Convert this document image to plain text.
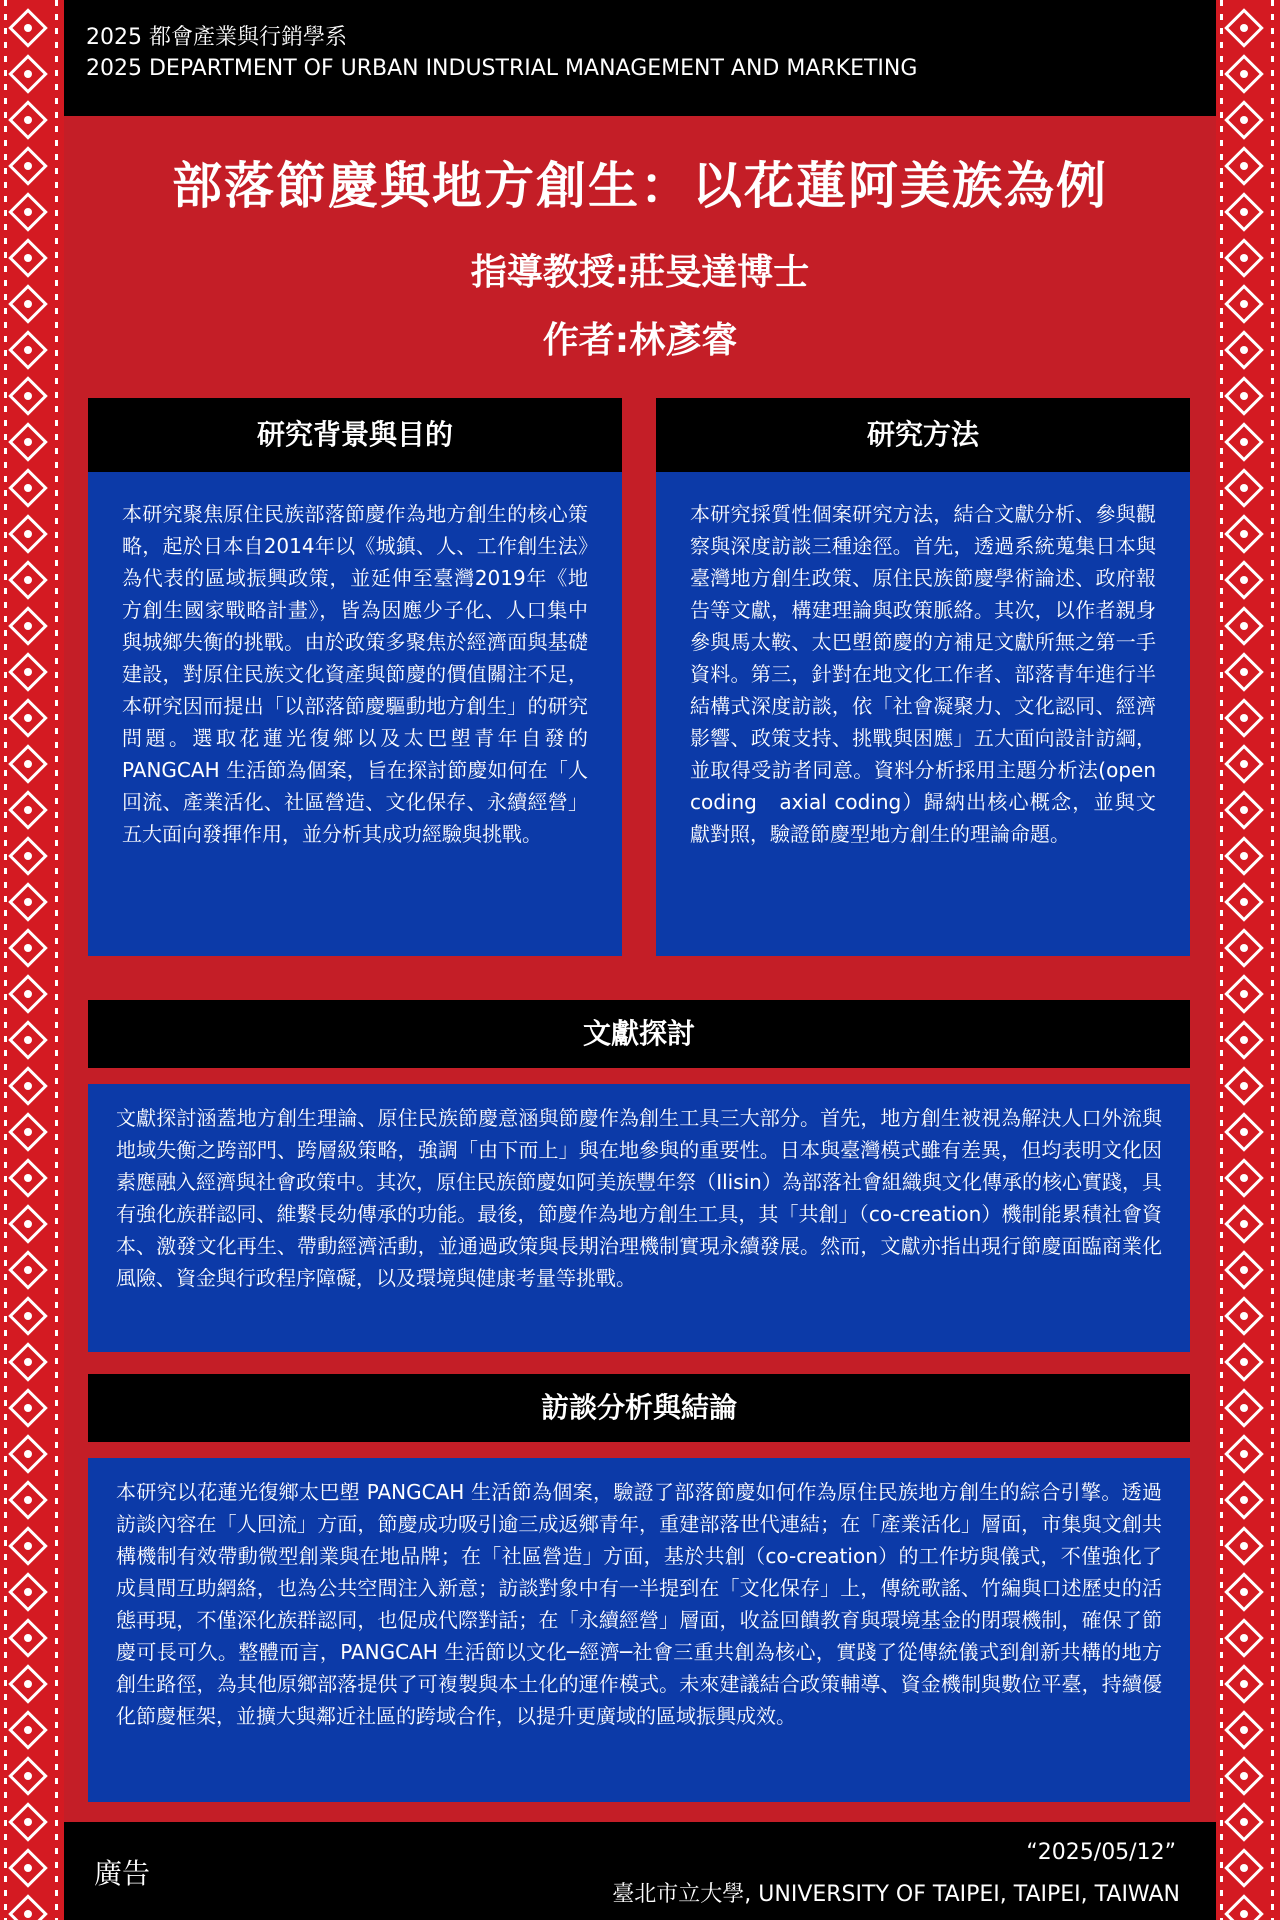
2025 都會產業與行銷學系
2025 DEPARTMENT OF URBAN INDUSTRIAL MANAGEMENT AND MARKETING
部落節慶與地方創生：以花蓮阿美族為例
指導教授:莊旻達博士
作者:林彥睿
研究背景與目的
本研究聚焦原住民族部落節慶作為地方創生的核心策略，起於日本自2014年以《城鎮、人、工作創生法》為代表的區域振興政策，並延伸至臺灣2019年《地方創生國家戰略計畫》，皆為因應少子化、人口集中與城鄉失衡的挑戰。由於政策多聚焦於經濟面與基礎建設，對原住民族文化資產與節慶的價值關注不足，本研究因而提出「以部落節慶驅動地方創生」的研究問題。選取花蓮光復鄉以及太巴塱青年自發的 PANGCAH 生活節為個案，旨在探討節慶如何在「人回流、產業活化、社區營造、文化保存、永續經營」五大面向發揮作用，並分析其成功經驗與挑戰。
研究方法
本研究採質性個案研究方法，結合文獻分析、參與觀察與深度訪談三種途徑。首先，透過系統蒐集日本與臺灣地方創生政策、原住民族節慶學術論述、政府報告等文獻，構建理論與政策脈絡。其次，以作者親身參與馬太鞍、太巴塱節慶的方補足文獻所無之第一手資料。第三，針對在地文化工作者、部落青年進行半結構式深度訪談，依「社會凝聚力、文化認同、經濟影響、政策支持、挑戰與困應」五大面向設計訪綱，並取得受訪者同意。資料分析採用主題分析法(open coding　axial coding）歸納出核心概念，並與文獻對照，驗證節慶型地方創生的理論命題。
文獻探討
文獻探討涵蓋地方創生理論、原住民族節慶意涵與節慶作為創生工具三大部分。首先，地方創生被視為解決人口外流與地域失衡之跨部門、跨層級策略，強調「由下而上」與在地參與的重要性。日本與臺灣模式雖有差異，但均表明文化因素應融入經濟與社會政策中。其次，原住民族節慶如阿美族豐年祭（Ilisin）為部落社會組織與文化傳承的核心實踐，具有強化族群認同、維繫長幼傳承的功能。最後，節慶作為地方創生工具，其「共創」（co-creation）機制能累積社會資本、激發文化再生、帶動經濟活動，並通過政策與長期治理機制實現永續發展。然而，文獻亦指出現行節慶面臨商業化風險、資金與行政程序障礙，以及環境與健康考量等挑戰。
訪談分析與結論
本研究以花蓮光復鄉太巴塱 PANGCAH 生活節為個案，驗證了部落節慶如何作為原住民族地方創生的綜合引擎。透過訪談內容在「人回流」方面，節慶成功吸引逾三成返鄉青年，重建部落世代連結；在「產業活化」層面，市集與文創共構機制有效帶動微型創業與在地品牌；在「社區營造」方面，基於共創（co-creation）的工作坊與儀式，不僅強化了成員間互助網絡，也為公共空間注入新意；訪談對象中有一半提到在「文化保存」上，傳統歌謠、竹編與口述歷史的活態再現，不僅深化族群認同，也促成代際對話；在「永續經營」層面，收益回饋教育與環境基金的閉環機制，確保了節慶可長可久。整體而言，PANGCAH 生活節以文化─經濟─社會三重共創為核心，實踐了從傳統儀式到創新共構的地方創生路徑，為其他原鄉部落提供了可複製與本土化的運作模式。未來建議結合政策輔導、資金機制與數位平臺，持續優化節慶框架，並擴大與鄰近社區的跨域合作，以提升更廣域的區域振興成效。
廣告
“2025/05/12”
臺北市立大學, UNIVERSITY OF TAIPEI, TAIPEI, TAIWAN
